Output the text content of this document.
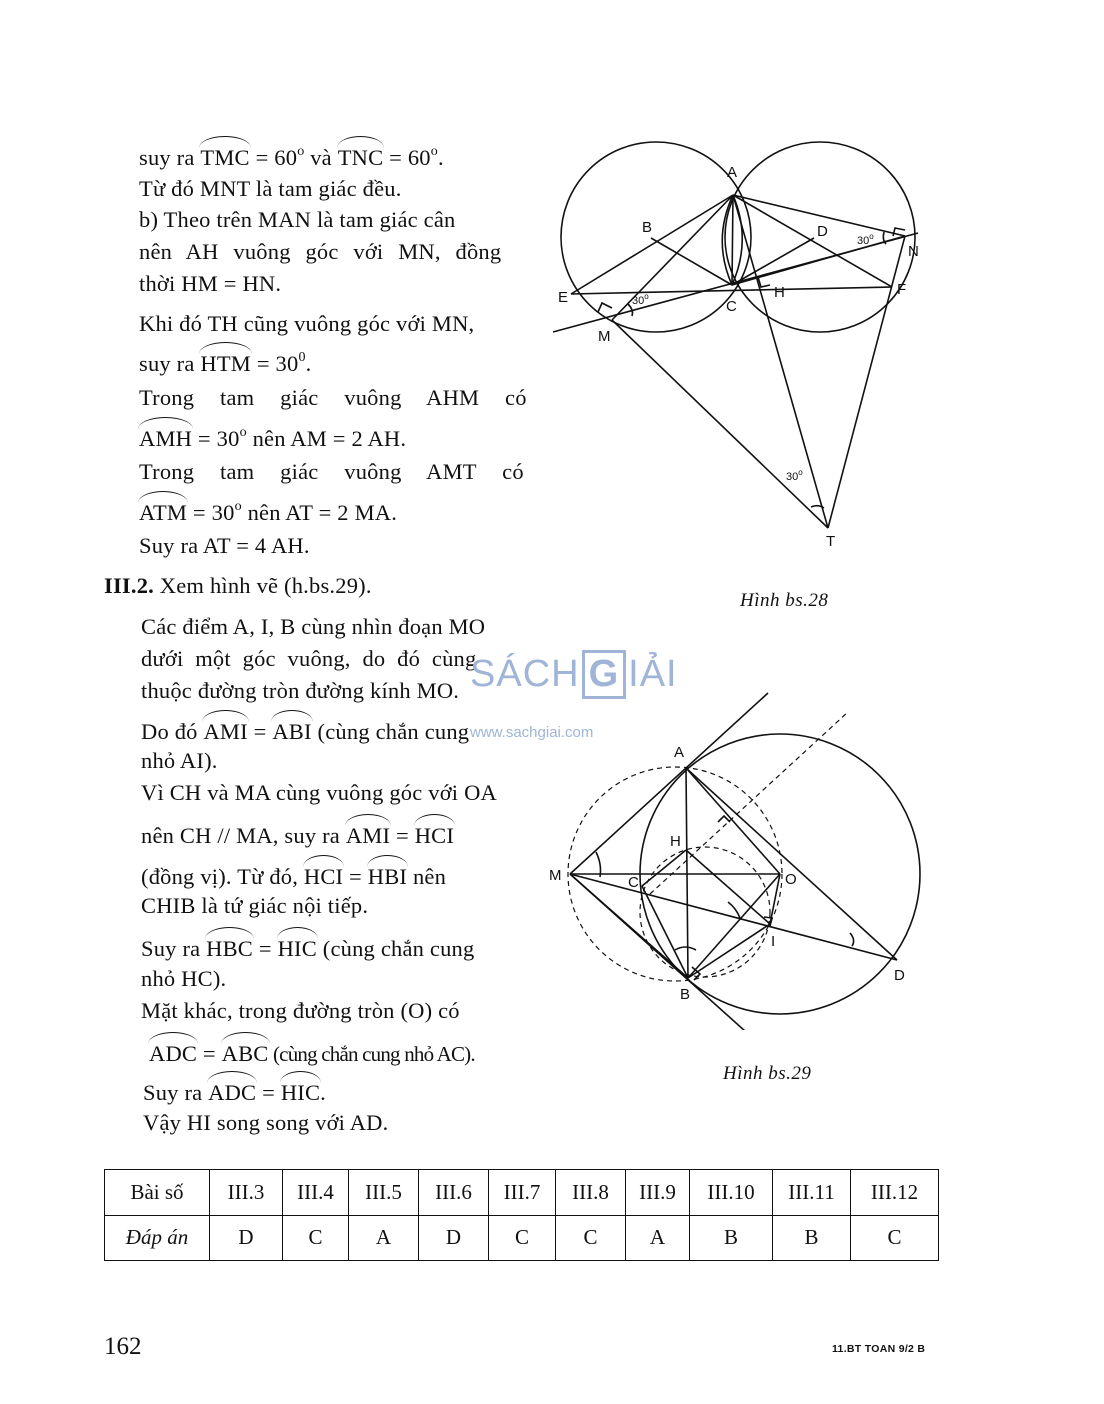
suy ra TMC = $60^o$ và TNC = $60^o$.
Từ đó MNT là tam giác đều.
b) Theo trên MAN là tam giác cân
nên AH vuông góc với MN, đồng
thời HM = HN.
Khi đó TH cũng vuông góc với MN,
suy ra HTM = $30^0$.
Trong tam giác vuông AHM có
AMH = $30^o$ nên AM = 2 AH.
Trong tam giác vuông AMT có
ATM = $30^o$ nên AT = 2 MA.
Suy ra AT = 4 AH.
III.2. Xem hình vẽ (h.bs.29).
Các điểm A, I, B cùng nhìn đoạn MO
dưới một góc vuông, do đó cùng
thuộc đường tròn đường kính MO.
Do đó AMI = ABI (cùng chắn cung
nhỏ AI).
Vì CH và MA cùng vuông góc với OA
nên CH // MA, suy ra AMI = HCI
(đồng vị). Từ đó, HCI = HBI nên
CHIB là tứ giác nội tiếp.
Suy ra HBC = HIC (cùng chắn cung
nhỏ HC).
Mặt khác, trong đường tròn (O) có
ADC = ABC (cùng chắn cung nhỏ AC).
Suy ra ADC = HIC.
Vậy HI song song với AD.
A
B
C
D
E	F
H
M
N
T
30$^o$
30$^o$
30$^o$
Hình bs.28
A
B
C
D
H
I
M	O
Hình bs.29
SÁCH G IẢI
www.sachgiai.com
Bài số	III.3	III.4	III.5	III.6	III.7	III.8	III.9	III.10	III.11	III.12
Đáp án	D	C	A	D	C	C	A	B	B	C
162	11.BT TOAN 9/2 B
